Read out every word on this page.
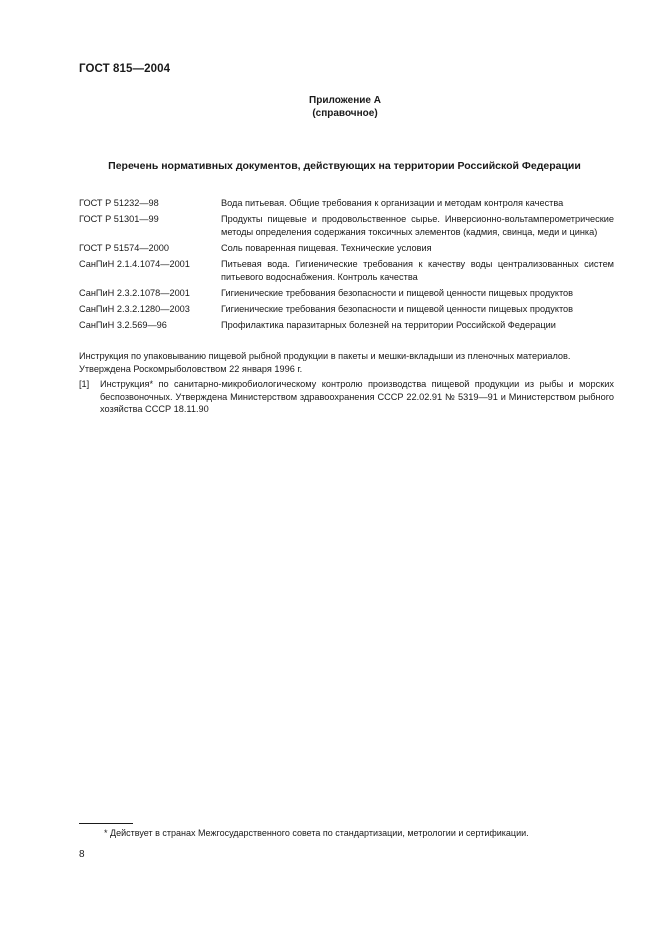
ГОСТ 815—2004
Приложение А
(справочное)
Перечень нормативных документов, действующих на территории Российской Федерации
ГОСТ Р 51232—98	Вода питьевая. Общие требования к организации и методам контроля качества
ГОСТ Р 51301—99	Продукты пищевые и продовольственное сырье. Инверсионно-вольтамперометрические методы определения содержания токсичных элементов (кадмия, свинца, меди и цинка)
ГОСТ Р 51574—2000	Соль поваренная пищевая. Технические условия
СанПиН 2.1.4.1074—2001	Питьевая вода. Гигиенические требования к качеству воды централизованных систем питьевого водоснабжения. Контроль качества
СанПиН 2.3.2.1078—2001	Гигиенические требования безопасности и пищевой ценности пищевых продуктов
СанПиН 2.3.2.1280—2003	Гигиенические требования безопасности и пищевой ценности пищевых продуктов
СанПиН 3.2.569—96	Профилактика паразитарных болезней на территории Российской Федерации
Инструкция по упаковыванию пищевой рыбной продукции в пакеты и мешки-вкладыши из пленочных материалов. Утверждена Роскомрыболовством 22 января 1996 г.
[1]	Инструкция* по санитарно-микробиологическому контролю производства пищевой продукции из рыбы и морских беспозвоночных. Утверждена Министерством здравоохранения СССР 22.02.91 № 5319—91 и Министерством рыбного хозяйства СССР 18.11.90
* Действует в странах Межгосударственного совета по стандартизации, метрологии и сертификации.
8
